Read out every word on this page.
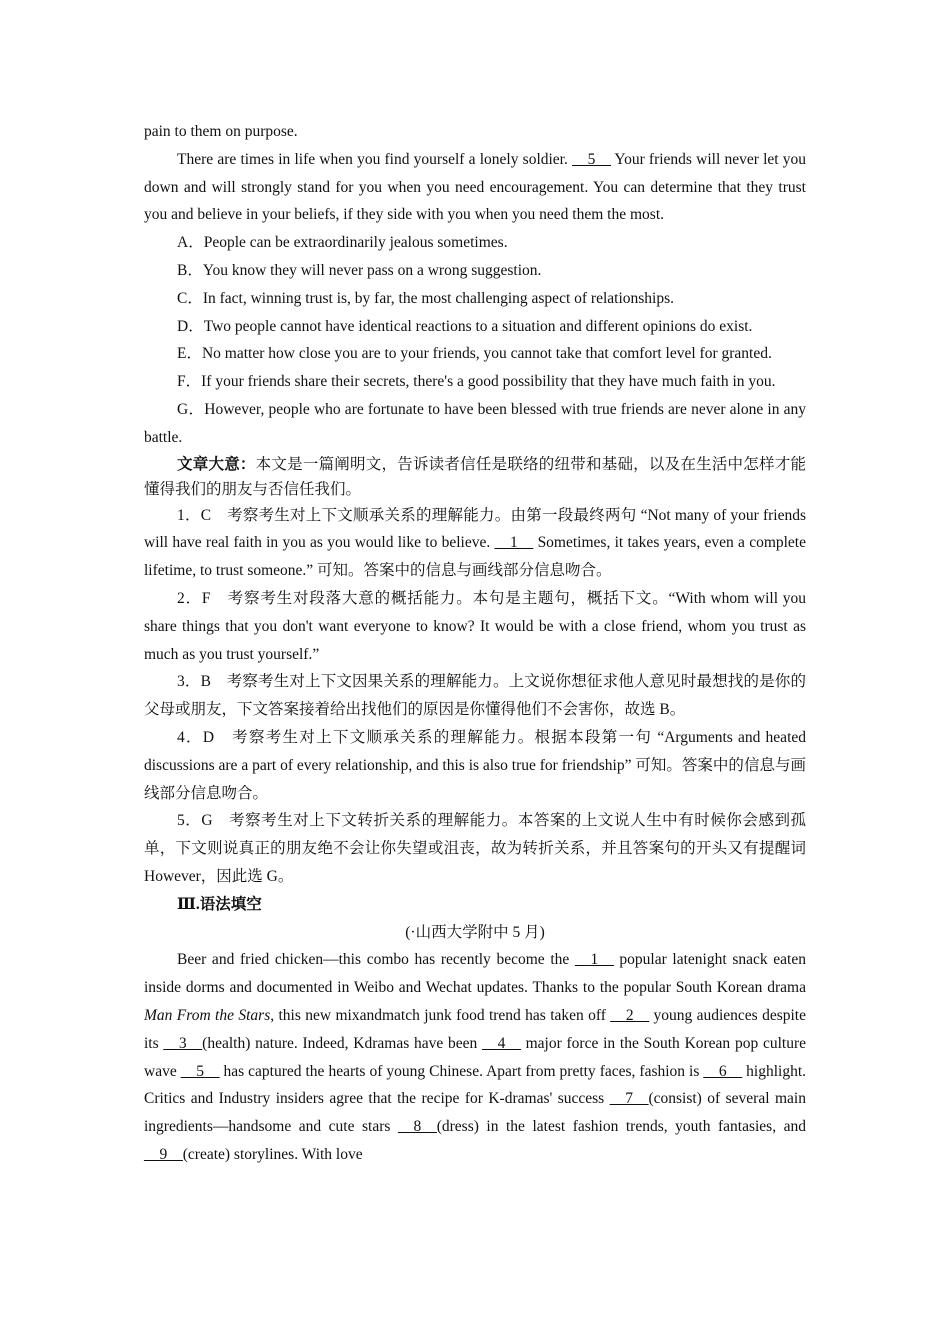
pain to them on purpose.

There are times in life when you find yourself a lonely soldier. __5__ Your friends will never let you down and will strongly stand for you when you need encouragement. You can determine that they trust you and believe in your beliefs, if they side with you when you need them the most.

A．People can be extraordinarily jealous sometimes.

B．You know they will never pass on a wrong suggestion.

C．In fact, winning trust is, by far, the most challenging aspect of relationships.

D．Two people cannot have identical reactions to a situation and different opinions do exist.

E．No matter how close you are to your friends, you cannot take that comfort level for granted.

F．If your friends share their secrets, there's a good possibility that they have much faith in you.

G．However, people who are fortunate to have been blessed with true friends are never alone in any battle.

文章大意：本文是一篇阐明文，告诉读者信任是联络的纽带和基础，以及在生活中怎样才能懂得我们的朋友与否信任我们。

1．C　考察考生对上下文顺承关系的理解能力。由第一段最终两句 “Not many of your friends will have real faith in you as you would like to believe. __1__ Sometimes, it takes years, even a complete lifetime, to trust someone.” 可知。答案中的信息与画线部分信息吻合。

2．F　考察考生对段落大意的概括能力。本句是主题句，概括下文。“With whom will you share things that you don't want everyone to know? It would be with a close friend, whom you trust as much as you trust yourself.”

3．B　考察考生对上下文因果关系的理解能力。上文说你想征求他人意见时最想找的是你的父母或朋友，下文答案接着给出找他们的原因是你懂得他们不会害你，故选 B。

4．D　考察考生对上下文顺承关系的理解能力。根据本段第一句 “Arguments and heated discussions are a part of every relationship, and this is also true for friendship” 可知。答案中的信息与画线部分信息吻合。

5．G　考察考生对上下文转折关系的理解能力。本答案的上文说人生中有时候你会感到孤单，下文则说真正的朋友绝不会让你失望或沮丧，故为转折关系，并且答案句的开头又有提醒词 However，因此选 G。

Ⅲ.语法填空

(·山西大学附中 5 月)

Beer and fried chicken—this combo has recently become the __1__ popular latenight snack eaten inside dorms and documented in Weibo and Wechat updates. Thanks to the popular South Korean drama Man From the Stars, this new mixandmatch junk food trend has taken off __2__ young audiences despite its __3__(health) nature. Indeed, Kdramas have been __4__ major force in the South Korean pop culture wave __5__ has captured the hearts of young Chinese. Apart from pretty faces, fashion is __6__ highlight. Critics and Industry insiders agree that the recipe for K-dramas' success __7__(consist) of several main ingredients—handsome and cute stars __8__(dress) in the latest fashion trends, youth fantasies, and __9__(create) storylines. With love
